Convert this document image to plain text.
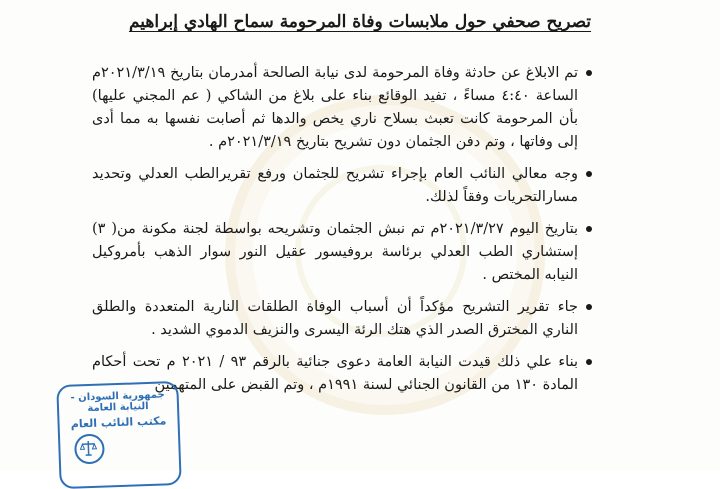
تصريح صحفي حول ملابسات وفاة المرحومة سماح الهادي إبراهيم
تم الابلاغ عن حادثة وفاة المرحومة لدى نيابة الصالحة أمدرمان بتاريخ ٢٠٢١/٣/١٩م الساعة ٤:٤٠ مساءً ، تفيد الوقائع بناء على بلاغ من الشاكي ( عم المجني عليها) بأن المرحومة كانت تعبث بسلاح ناري يخص والدها ثم أصابت نفسها به مما أدى إلى وفاتها ، وتم دفن الجثمان دون تشريح بتاريخ ٢٠٢١/٣/١٩م .
وجه معالي النائب العام بإجراء تشريح للجثمان ورفع تقريرالطب العدلي وتحديد مسارالتحريات وفقاً لذلك.
بتاريخ اليوم ٢٠٢١/٣/٢٧م تم نبش الجثمان وتشريحه بواسطة لجنة مكونة من( ٣) إستشاري الطب العدلي برئاسة بروفيسور عقيل النور سوار الذهب بأمروكيل النيابه المختص .
جاء تقرير التشريح مؤكداً أن أسباب الوفاة الطلقات النارية المتعددة والطلق الناري المخترق الصدر الذي هتك الرئة اليسرى والنزيف الدموي الشديد .
بناء علي ذلك قيدت النيابة العامة دعوى جنائية بالرقم ٩٣ / ٢٠٢١ م تحت أحكام المادة ١٣٠ من القانون الجنائي لسنة ١٩٩١م ، وتم القبض على المتهمين
جمهورية السودان - النيابة العامة
مكتب النائب العام
